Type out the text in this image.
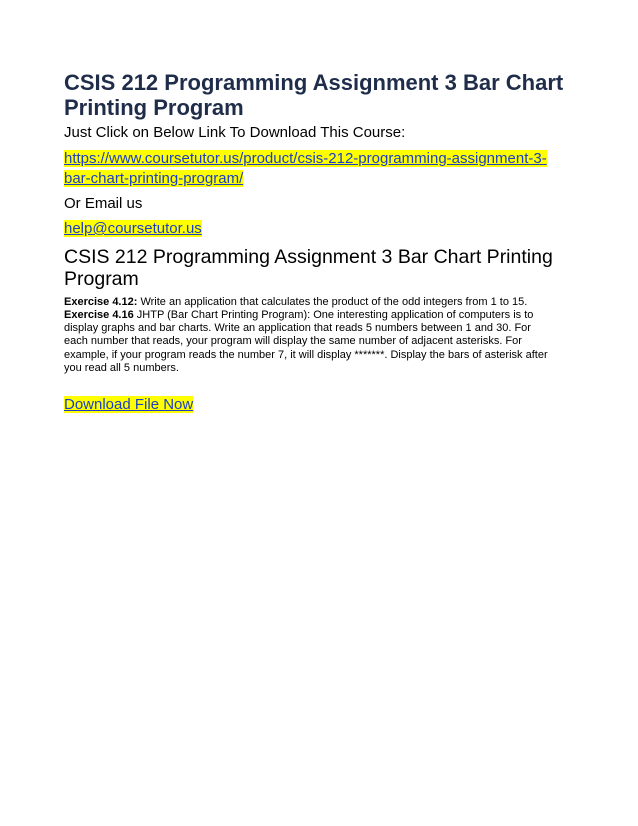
CSIS 212 Programming Assignment 3 Bar Chart Printing Program

Just Click on Below Link To Download This Course:

https://www.coursetutor.us/product/csis-212-programming-assignment-3-bar-chart-printing-program/

Or Email us

help@coursetutor.us
CSIS 212 Programming Assignment 3 Bar Chart Printing Program

Exercise 4.12: Write an application that calculates the product of the odd integers from 1 to 15.
Exercise 4.16 JHTP (Bar Chart Printing Program): One interesting application of computers is to display graphs and bar charts. Write an application that reads 5 numbers between 1 and 30. For each number that reads, your program will display the same number of adjacent asterisks. For example, if your program reads the number 7, it will display *******. Display the bars of asterisk after you read all 5 numbers.

Download File Now
